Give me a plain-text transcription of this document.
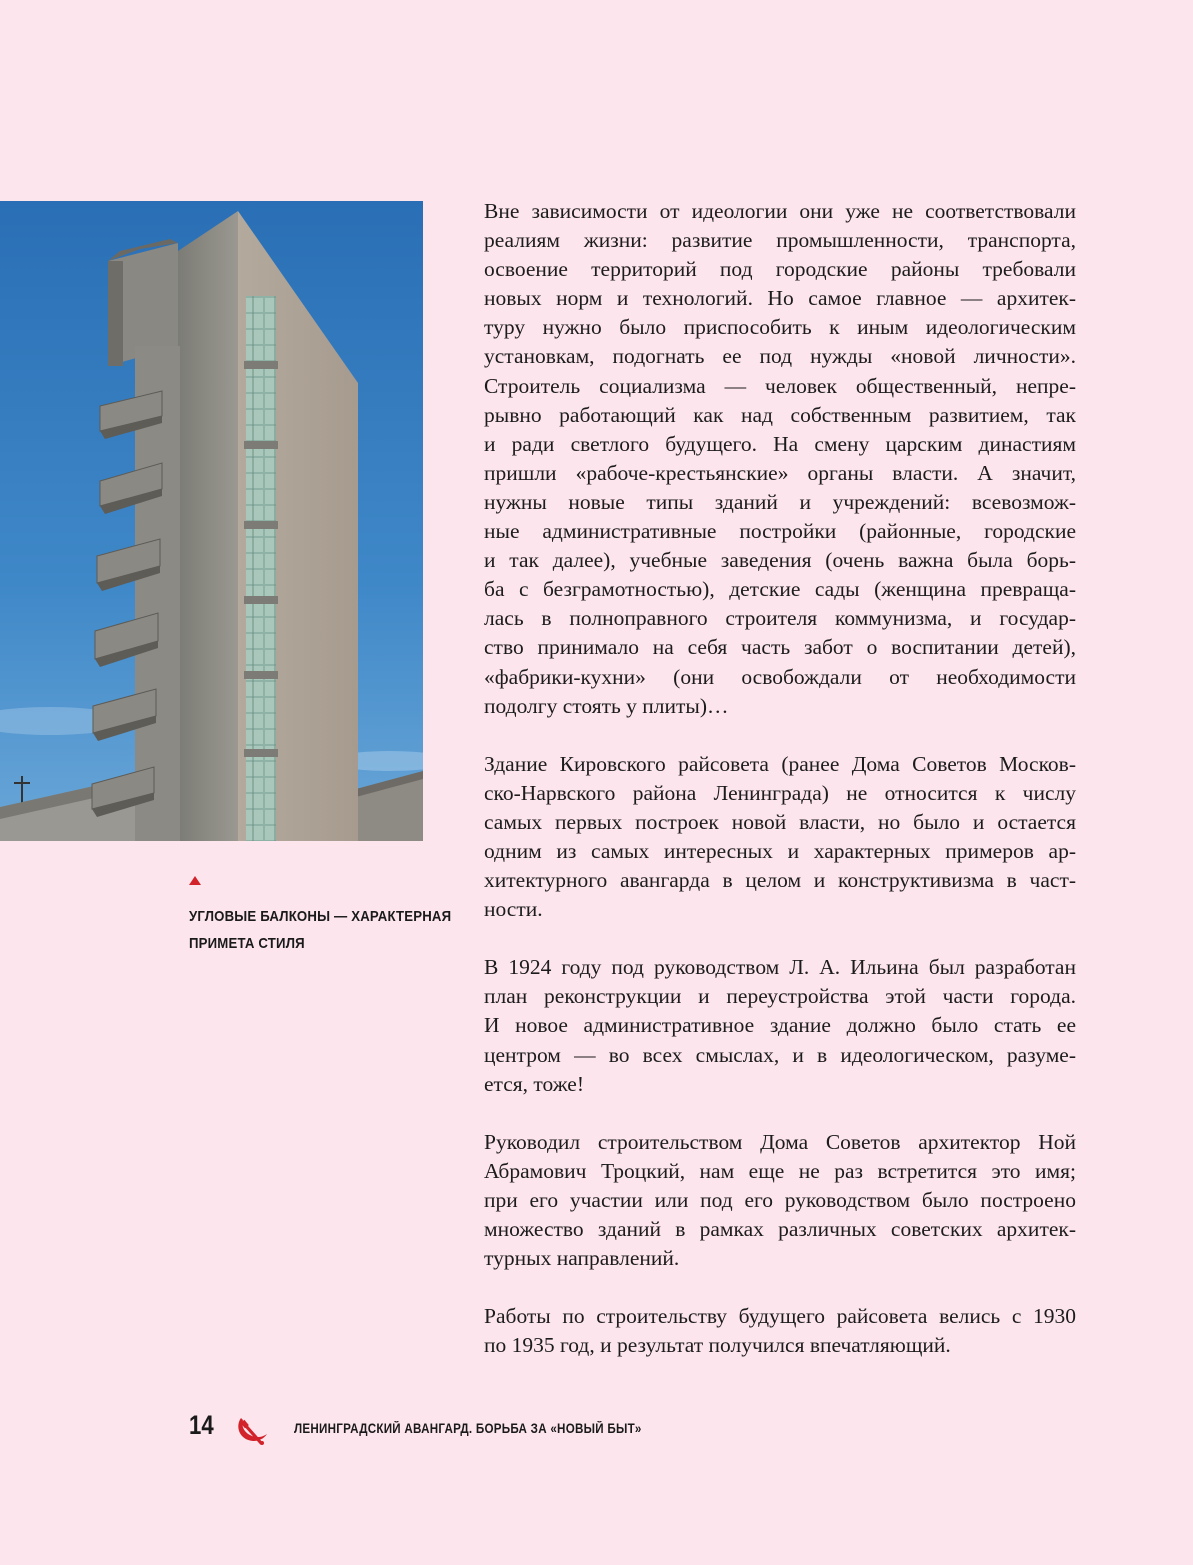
УГЛОВЫЕ БАЛКОНЫ — ХАРАКТЕРНАЯ
ПРИМЕТА СТИЛЯ
Вне зависимости от идеологии они уже не соответствовали
реалиям жизни: развитие промышленности, транспорта,
освоение территорий под городские районы требовали
новых норм и технологий. Но самое главное — архитек-
туру нужно было приспособить к иным идеологическим
установкам, подогнать ее под нужды «новой личности».
Строитель социализма — человек общественный, непре-
рывно работающий как над собственным развитием, так
и ради светлого будущего. На смену царским династиям
пришли «рабоче-крестьянские» органы власти. А значит,
нужны новые типы зданий и учреждений: всевозмож-
ные административные постройки (районные, городские
и так далее), учебные заведения (очень важна была борь-
ба с безграмотностью), детские сады (женщина превраща-
лась в полноправного строителя коммунизма, и государ-
ство принимало на себя часть забот о воспитании детей),
«фабрики-кухни» (они освобождали от необходимости
подолгу стоять у плиты)…
Здание Кировского райсовета (ранее Дома Советов Москов-
ско-Нарвского района Ленинграда) не относится к числу
самых первых построек новой власти, но было и остается
одним из самых интересных и характерных примеров ар-
хитектурного авангарда в целом и конструктивизма в част-
ности.
В 1924 году под руководством Л. А. Ильина был разработан
план реконструкции и переустройства этой части города.
И новое административное здание должно было стать ее
центром — во всех смыслах, и в идеологическом, разуме-
ется, тоже!
Руководил строительством Дома Советов архитектор Ной
Абрамович Троцкий, нам еще не раз встретится это имя;
при его участии или под его руководством было построено
множество зданий в рамках различных советских архитек-
турных направлений.
Работы по строительству будущего райсовета велись с 1930
по 1935 год, и результат получился впечатляющий.
14	ЛЕНИНГРАДСКИЙ АВАНГАРД. БОРЬБА ЗА «НОВЫЙ БЫТ»
